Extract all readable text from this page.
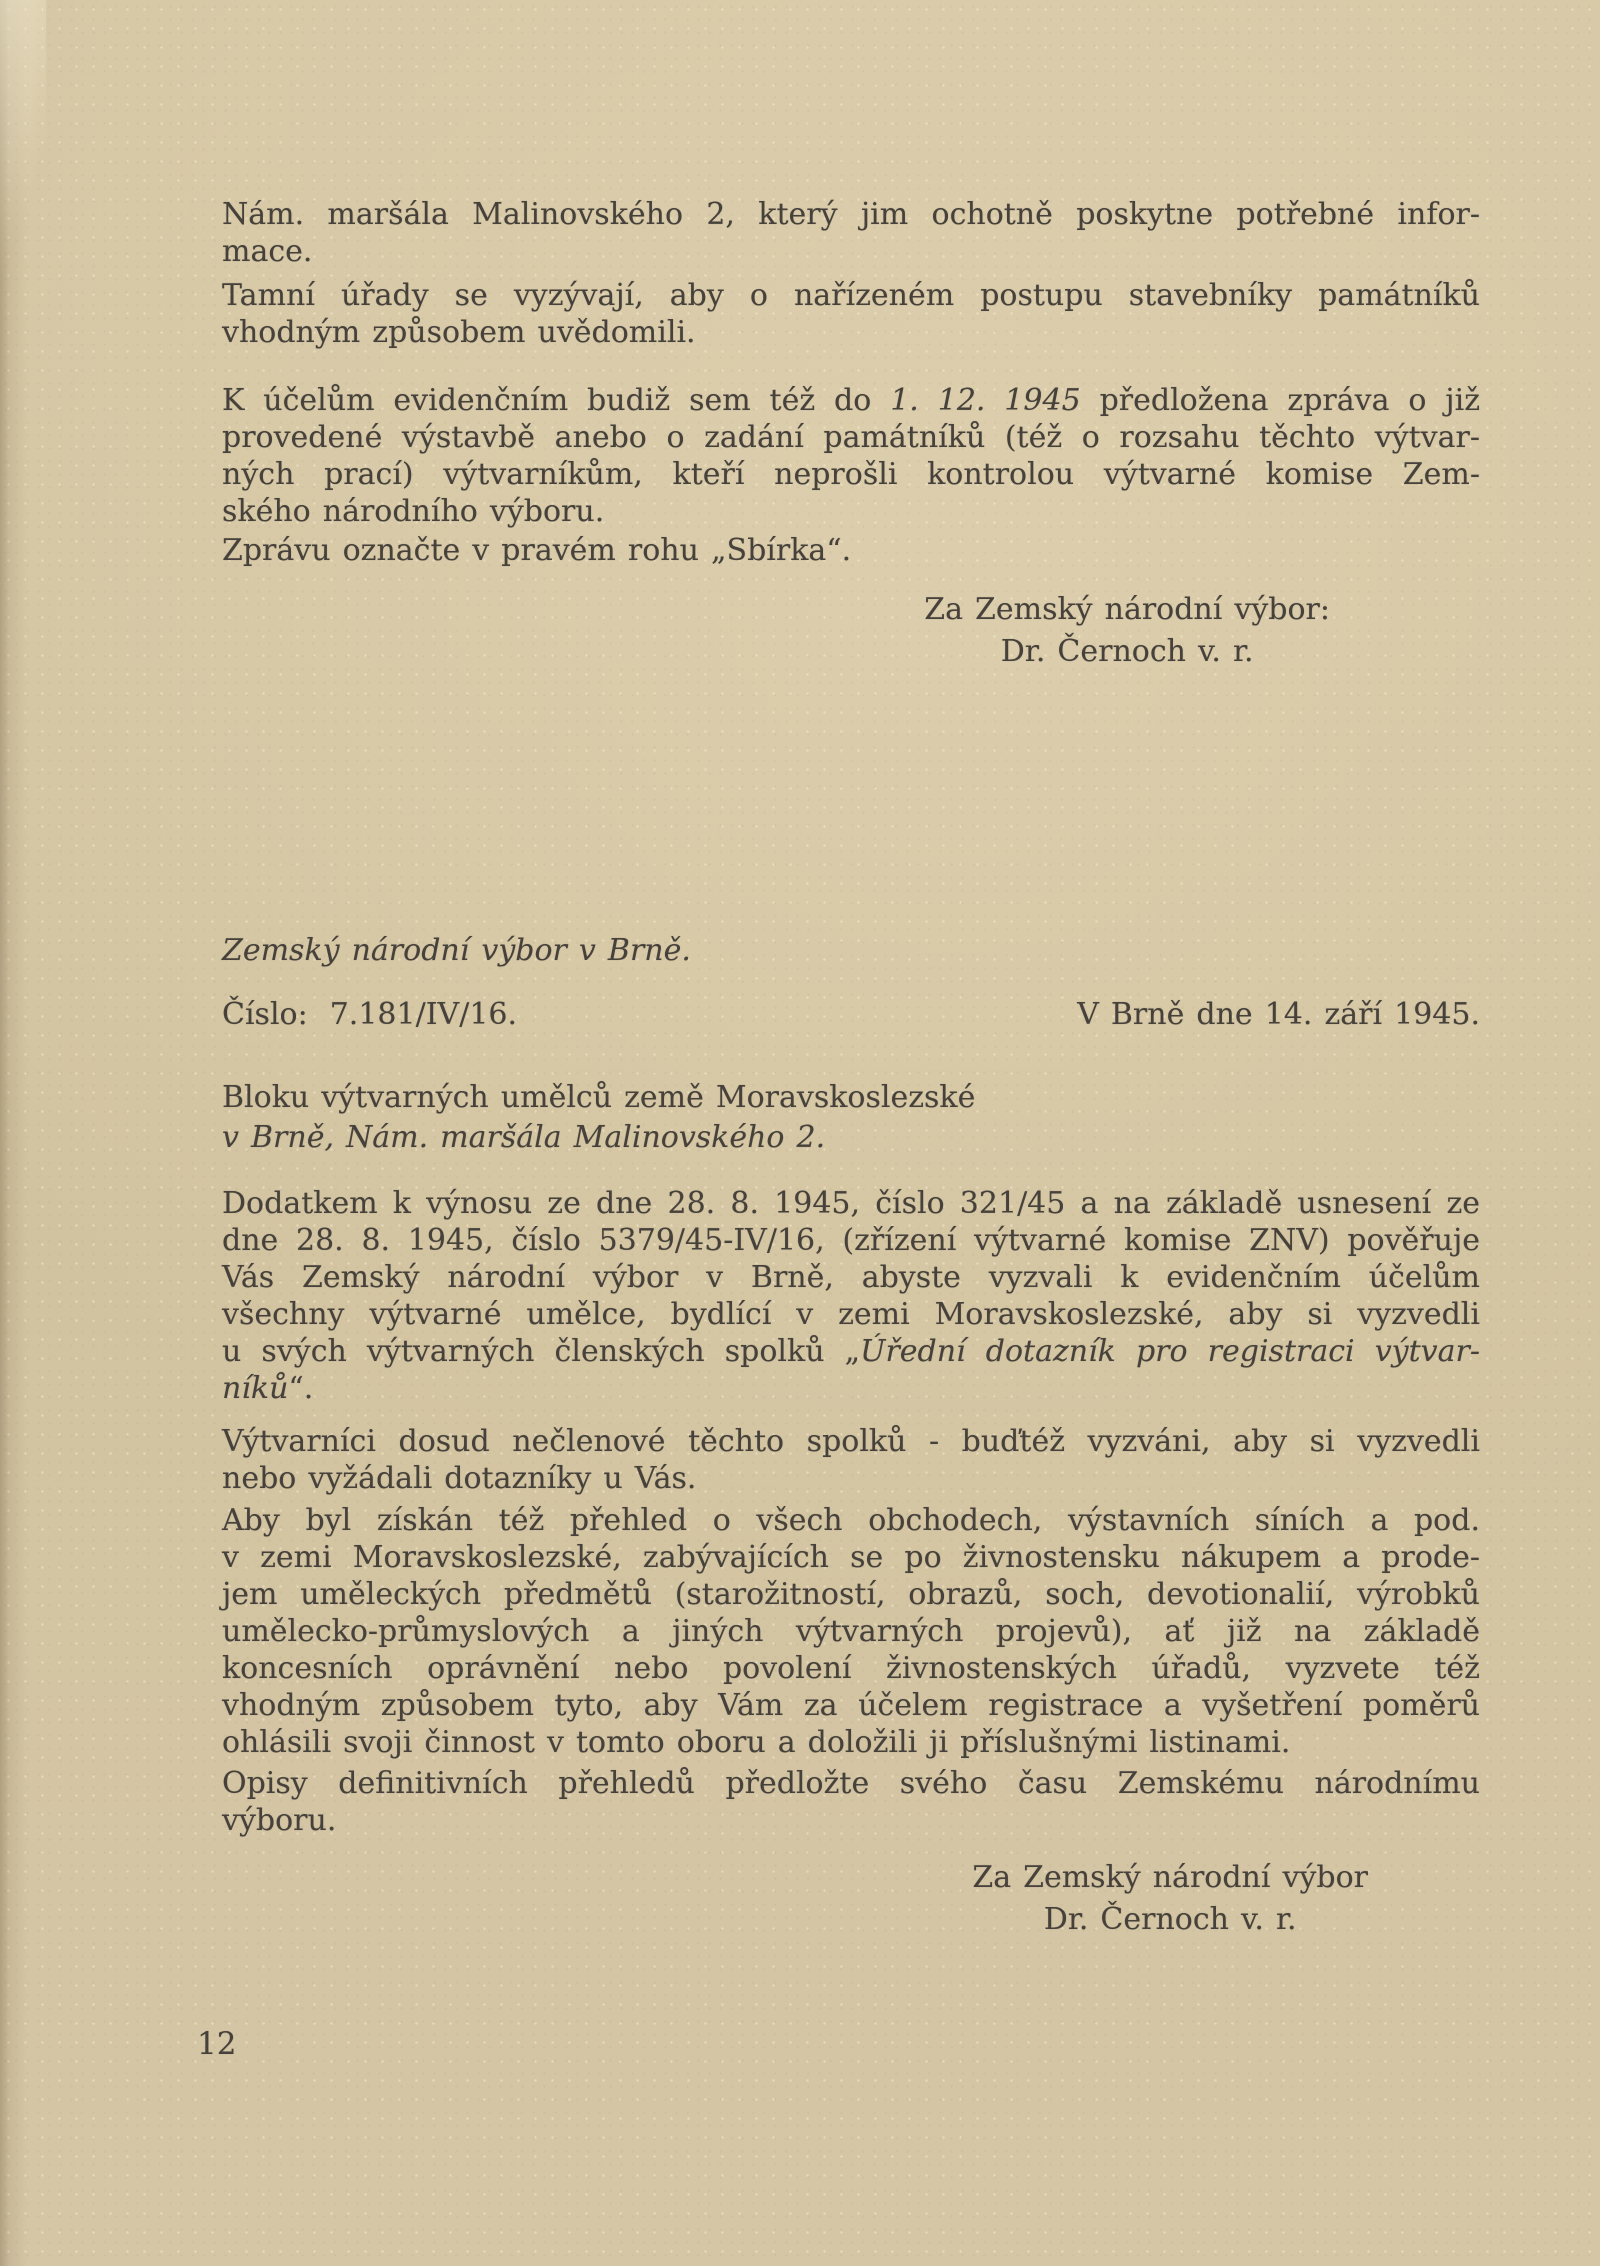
Nám. maršála Malinovského 2, který jim ochotně poskytne potřebné infor-
mace.
Tamní úřady se vyzývají, aby o nařízeném postupu stavebníky památníků
vhodným způsobem uvědomili.
K účelům evidenčním budiž sem též do 1. 12. 1945 předložena zpráva o již
provedené výstavbě anebo o zadání památníků (též o rozsahu těchto výtvar-
ných prací) výtvarníkům, kteří neprošli kontrolou výtvarné komise Zem-
ského národního výboru.
Zprávu označte v pravém rohu „Sbírka“.
Za Zemský národní výbor:
Dr. Černoch v. r.
Zemský národní výbor v Brně.
Číslo: 7.181/IV/16.	V Brně dne 14. září 1945.
Bloku výtvarných umělců země Moravskoslezské
v Brně, Nám. maršála Malinovského 2.
Dodatkem k výnosu ze dne 28. 8. 1945, číslo 321/45 a na základě usnesení ze
dne 28. 8. 1945, číslo 5379/45-IV/16, (zřízení výtvarné komise ZNV) pověřuje
Vás Zemský národní výbor v Brně, abyste vyzvali k evidenčním účelům
všechny výtvarné umělce, bydlící v zemi Moravskoslezské, aby si vyzvedli
u svých výtvarných členských spolků „Úřední dotazník pro registraci výtvar-
níků“.
Výtvarníci dosud nečlenové těchto spolků - buďtéž vyzváni, aby si vyzvedli
nebo vyžádali dotazníky u Vás.
Aby byl získán též přehled o všech obchodech, výstavních síních a pod.
v zemi Moravskoslezské, zabývajících se po živnostensku nákupem a prode-
jem uměleckých předmětů (starožitností, obrazů, soch, devotionalií, výrobků
umělecko-průmyslových a jiných výtvarných projevů), ať již na základě
koncesních oprávnění nebo povolení živnostenských úřadů, vyzvete též
vhodným způsobem tyto, aby Vám za účelem registrace a vyšetření poměrů
ohlásili svoji činnost v tomto oboru a doložili ji příslušnými listinami.
Opisy definitivních přehledů předložte svého času Zemskému národnímu
výboru.
Za Zemský národní výbor
Dr. Černoch v. r.
12
